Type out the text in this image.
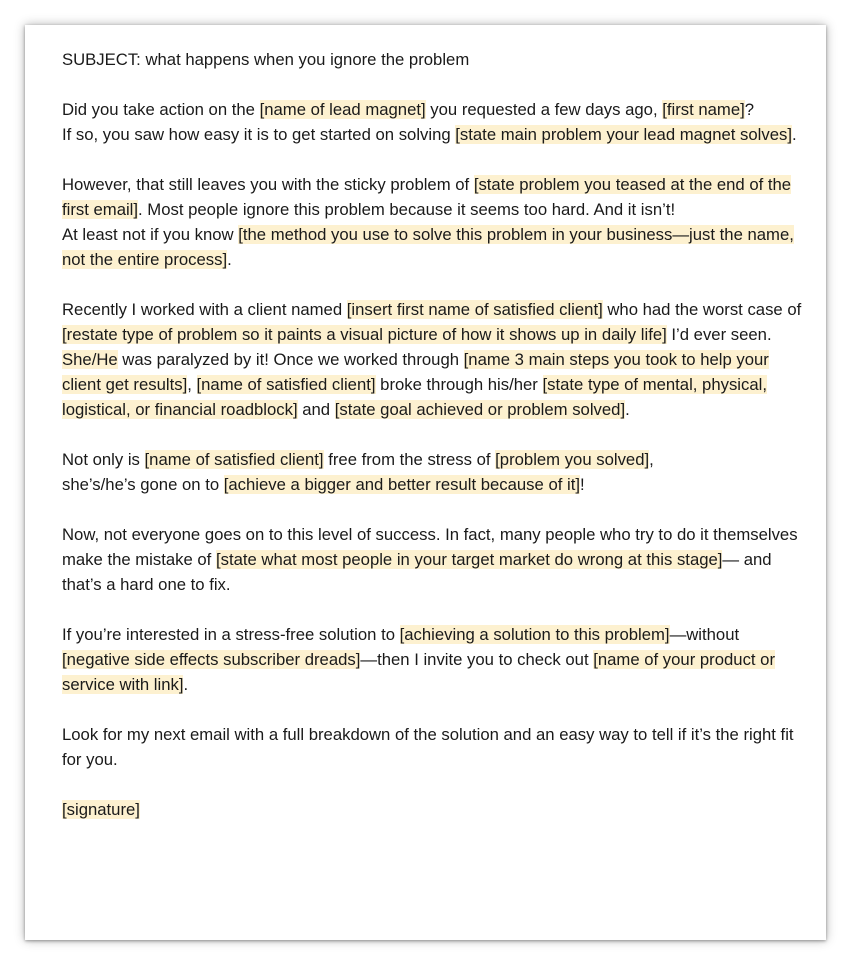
SUBJECT: what happens when you ignore the problem
Did you take action on the [name of lead magnet] you requested a few days ago, [first name]?
If so, you saw how easy it is to get started on solving [state main problem your lead magnet solves].
However, that still leaves you with the sticky problem of [state problem you teased at the end of the first email]. Most people ignore this problem because it seems too hard. And it isn’t!
At least not if you know [the method you use to solve this problem in your business—just the name, not the entire process].
Recently I worked with a client named [insert first name of satisfied client] who had the worst case of [restate type of problem so it paints a visual picture of how it shows up in daily life] I’d ever seen. She/He was paralyzed by it! Once we worked through [name 3 main steps you took to help your client get results], [name of satisfied client] broke through his/her [state type of mental, physical, logistical, or financial roadblock] and [state goal achieved or problem solved].
Not only is [name of satisfied client] free from the stress of [problem you solved],
she’s/he’s gone on to [achieve a bigger and better result because of it]!
Now, not everyone goes on to this level of success. In fact, many people who try to do it themselves make the mistake of [state what most people in your target market do wrong at this stage]— and that’s a hard one to fix.
If you’re interested in a stress-free solution to [achieving a solution to this problem]—without [negative side effects subscriber dreads]—then I invite you to check out [name of your product or service with link].
Look for my next email with a full breakdown of the solution and an easy way to tell if it’s the right fit for you.
[signature]
